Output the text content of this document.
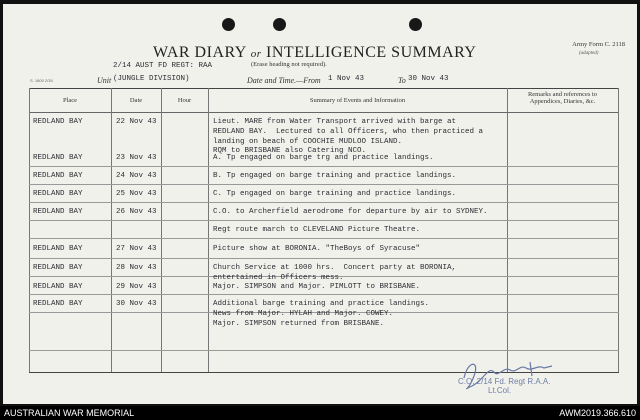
WAR DIARY or INTELLIGENCE SUMMARY
(Erase heading not required).
Army Form C. 2118
(adapted)
S. 1800 2/35	Unit
2/14 AUST FD REGT: RAA
(JUNGLE DIVISION)	Date and Time.—From 1 Nov 43	To 30 Nov 43
Place	Date	Hour	Summary of Events and Information
Remarks and references to
Appendices, Diaries, &c.
REDLAND BAY	22 Nov 43	Lieut. MARE from Water Transport arrived with barge at
REDLAND BAY.  Lectured to all Officers, who then practiced a
landing on beach of COOCHIE MUDLOO ISLAND.
RQM to BRISBANE also Catering NCO.
REDLAND BAY	23 Nov 43	A. Tp engaged on barge trg and practice landings.
REDLAND BAY	24 Nov 43	B. Tp engaged on barge training and practice landings.
REDLAND BAY	25 Nov 43	C. Tp engaged on barge training and practice landings.
REDLAND BAY	26 Nov 43	C.O. to Archerfield aerodrome for departure by air to SYDNEY.
Regt route march to CLEVELAND Picture Theatre.
REDLAND BAY	27 Nov 43	Picture show at BORONIA. "TheBoys of Syracuse"
REDLAND BAY	28 Nov 43	Church Service at 1000 hrs.  Concert party at BORONIA,
entertained in Officers mess.
REDLAND BAY	29 Nov 43	Major. SIMPSON and Major. PIMLOTT to BRISBANE.
REDLAND BAY	30 Nov 43	Additional barge training and practice landings.
News from Major. HYLAH and Major. COWEY.
Major. SIMPSON returned from BRISBANE.
C.O. 2/14 Fd. Regt R.A.A.
Lt.Col.
AUSTRALIAN WAR MEMORIAL	AWM2019.366.610
